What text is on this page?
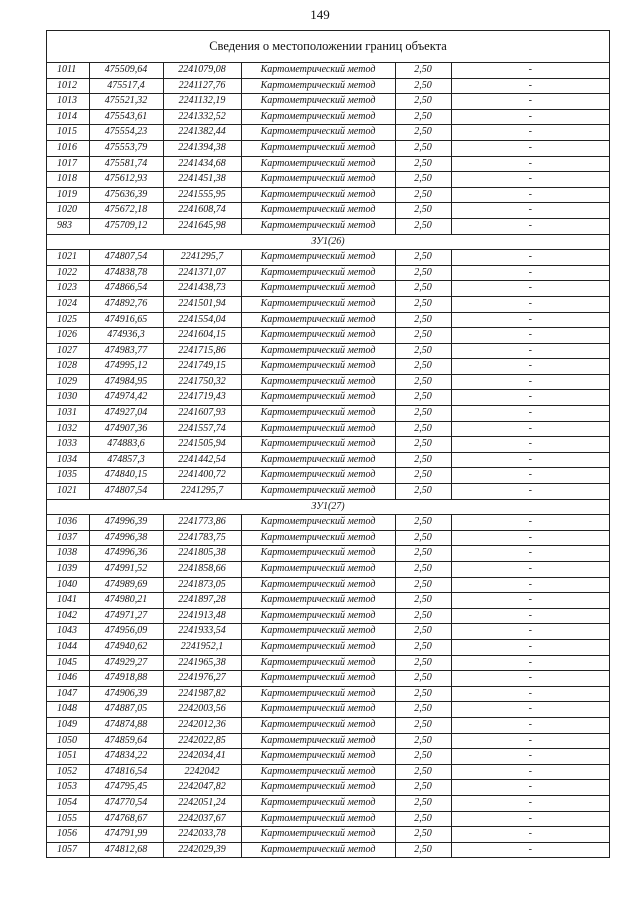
149
Сведения о местоположении границ объекта
1011	475509,64	2241079,08	Картометрический метод	2,50	-
1012	475517,4	2241127,76	Картометрический метод	2,50	-
1013	475521,32	2241132,19	Картометрический метод	2,50	-
1014	475543,61	2241332,52	Картометрический метод	2,50	-
1015	475554,23	2241382,44	Картометрический метод	2,50	-
1016	475553,79	2241394,38	Картометрический метод	2,50	-
1017	475581,74	2241434,68	Картометрический метод	2,50	-
1018	475612,93	2241451,38	Картометрический метод	2,50	-
1019	475636,39	2241555,95	Картометрический метод	2,50	-
1020	475672,18	2241608,74	Картометрический метод	2,50	-
983	475709,12	2241645,98	Картометрический метод	2,50	-
ЗУ1(26)					
1021	474807,54	2241295,7	Картометрический метод	2,50	-
1022	474838,78	2241371,07	Картометрический метод	2,50	-
1023	474866,54	2241438,73	Картометрический метод	2,50	-
1024	474892,76	2241501,94	Картометрический метод	2,50	-
1025	474916,65	2241554,04	Картометрический метод	2,50	-
1026	474936,3	2241604,15	Картометрический метод	2,50	-
1027	474983,77	2241715,86	Картометрический метод	2,50	-
1028	474995,12	2241749,15	Картометрический метод	2,50	-
1029	474984,95	2241750,32	Картометрический метод	2,50	-
1030	474974,42	2241719,43	Картометрический метод	2,50	-
1031	474927,04	2241607,93	Картометрический метод	2,50	-
1032	474907,36	2241557,74	Картометрический метод	2,50	-
1033	474883,6	2241505,94	Картометрический метод	2,50	-
1034	474857,3	2241442,54	Картометрический метод	2,50	-
1035	474840,15	2241400,72	Картометрический метод	2,50	-
1021	474807,54	2241295,7	Картометрический метод	2,50	-
ЗУ1(27)					
1036	474996,39	2241773,86	Картометрический метод	2,50	-
1037	474996,38	2241783,75	Картометрический метод	2,50	-
1038	474996,36	2241805,38	Картометрический метод	2,50	-
1039	474991,52	2241858,66	Картометрический метод	2,50	-
1040	474989,69	2241873,05	Картометрический метод	2,50	-
1041	474980,21	2241897,28	Картометрический метод	2,50	-
1042	474971,27	2241913,48	Картометрический метод	2,50	-
1043	474956,09	2241933,54	Картометрический метод	2,50	-
1044	474940,62	2241952,1	Картометрический метод	2,50	-
1045	474929,27	2241965,38	Картометрический метод	2,50	-
1046	474918,88	2241976,27	Картометрический метод	2,50	-
1047	474906,39	2241987,82	Картометрический метод	2,50	-
1048	474887,05	2242003,56	Картометрический метод	2,50	-
1049	474874,88	2242012,36	Картометрический метод	2,50	-
1050	474859,64	2242022,85	Картометрический метод	2,50	-
1051	474834,22	2242034,41	Картометрический метод	2,50	-
1052	474816,54	2242042	Картометрический метод	2,50	-
1053	474795,45	2242047,82	Картометрический метод	2,50	-
1054	474770,54	2242051,24	Картометрический метод	2,50	-
1055	474768,67	2242037,67	Картометрический метод	2,50	-
1056	474791,99	2242033,78	Картометрический метод	2,50	-
1057	474812,68	2242029,39	Картометрический метод	2,50	-
